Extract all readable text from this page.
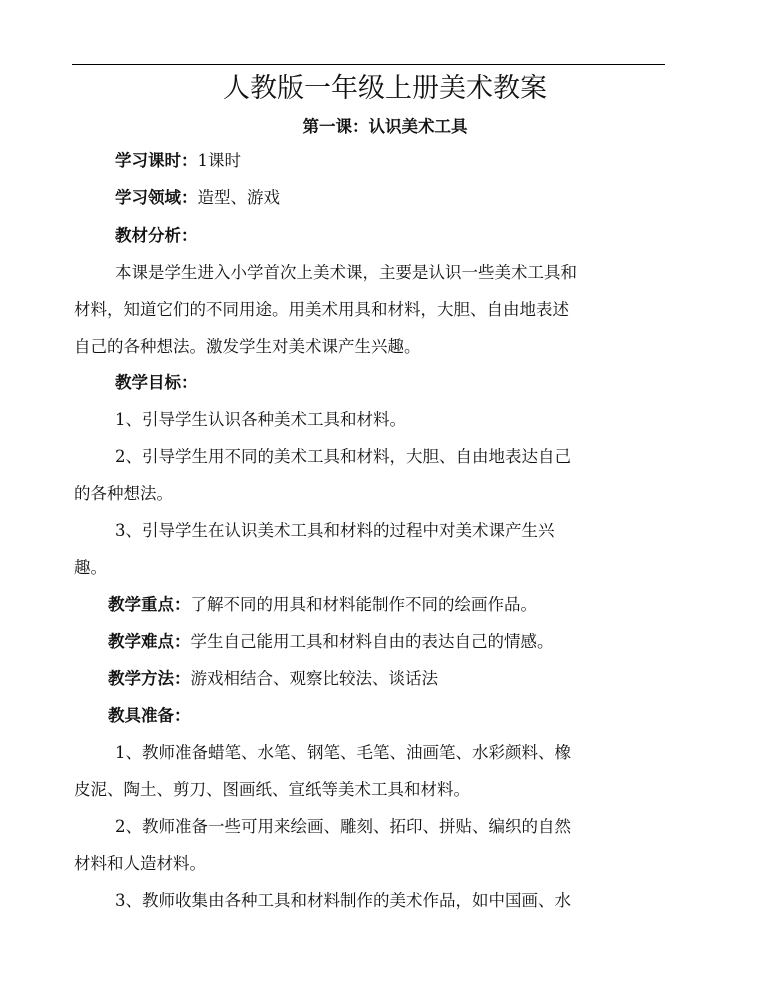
人教版一年级上册美术教案
第一课：认识美术工具
学习课时：1课时
学习领域：造型、游戏
教材分析：
本课是学生进入小学首次上美术课，主要是认识一些美术工具和
材料，知道它们的不同用途。用美术用具和材料，大胆、自由地表述
自己的各种想法。激发学生对美术课产生兴趣。
教学目标：
1、引导学生认识各种美术工具和材料。
2、引导学生用不同的美术工具和材料，大胆、自由地表达自己
的各种想法。
3、引导学生在认识美术工具和材料的过程中对美术课产生兴
趣。
教学重点：了解不同的用具和材料能制作不同的绘画作品。
教学难点：学生自己能用工具和材料自由的表达自己的情感。
教学方法：游戏相结合、观察比较法、谈话法
教具准备：
1、教师准备蜡笔、水笔、钢笔、毛笔、油画笔、水彩颜料、橡
皮泥、陶土、剪刀、图画纸、宣纸等美术工具和材料。
2、教师准备一些可用来绘画、雕刻、拓印、拼贴、编织的自然
材料和人造材料。
3、教师收集由各种工具和材料制作的美术作品，如中国画、水
